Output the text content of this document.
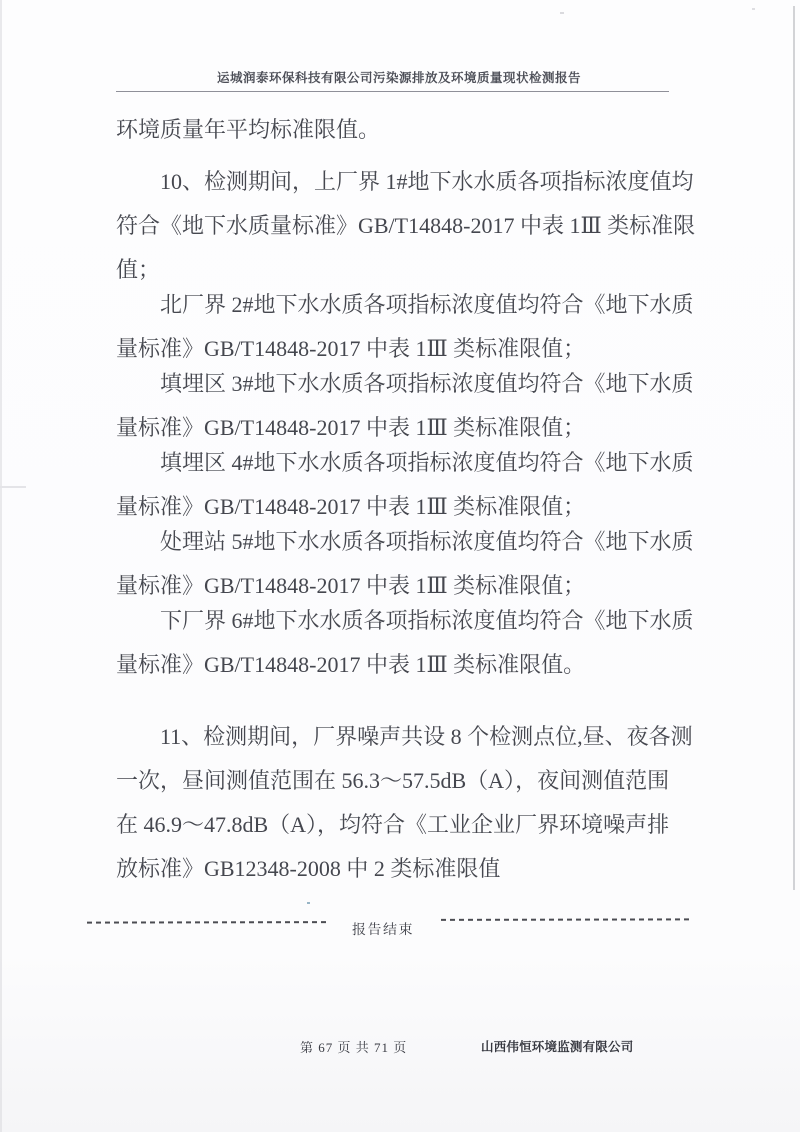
运城润泰环保科技有限公司污染源排放及环境质量现状检测报告
环境质量年平均标准限值。
10、检测期间，上厂界 1#地下水水质各项指标浓度值均
符合《地下水质量标准》GB/T14848-2017 中表 1Ⅲ 类标准限
值；
北厂界 2#地下水水质各项指标浓度值均符合《地下水质
量标准》GB/T14848-2017 中表 1Ⅲ 类标准限值；
填埋区 3#地下水水质各项指标浓度值均符合《地下水质
量标准》GB/T14848-2017 中表 1Ⅲ 类标准限值；
填埋区 4#地下水水质各项指标浓度值均符合《地下水质
量标准》GB/T14848-2017 中表 1Ⅲ 类标准限值；
处理站 5#地下水水质各项指标浓度值均符合《地下水质
量标准》GB/T14848-2017 中表 1Ⅲ 类标准限值；
下厂界 6#地下水水质各项指标浓度值均符合《地下水质
量标准》GB/T14848-2017 中表 1Ⅲ 类标准限值。
11、检测期间，厂界噪声共设 8 个检测点位,昼、夜各测
一次，昼间测值范围在 56.3～57.5dB（A），夜间测值范围
在 46.9～47.8dB（A），均符合《工业企业厂界环境噪声排
放标准》GB12348-2008 中 2 类标准限值
报告结束
第 67 页 共 71 页	山西伟恒环境监测有限公司
